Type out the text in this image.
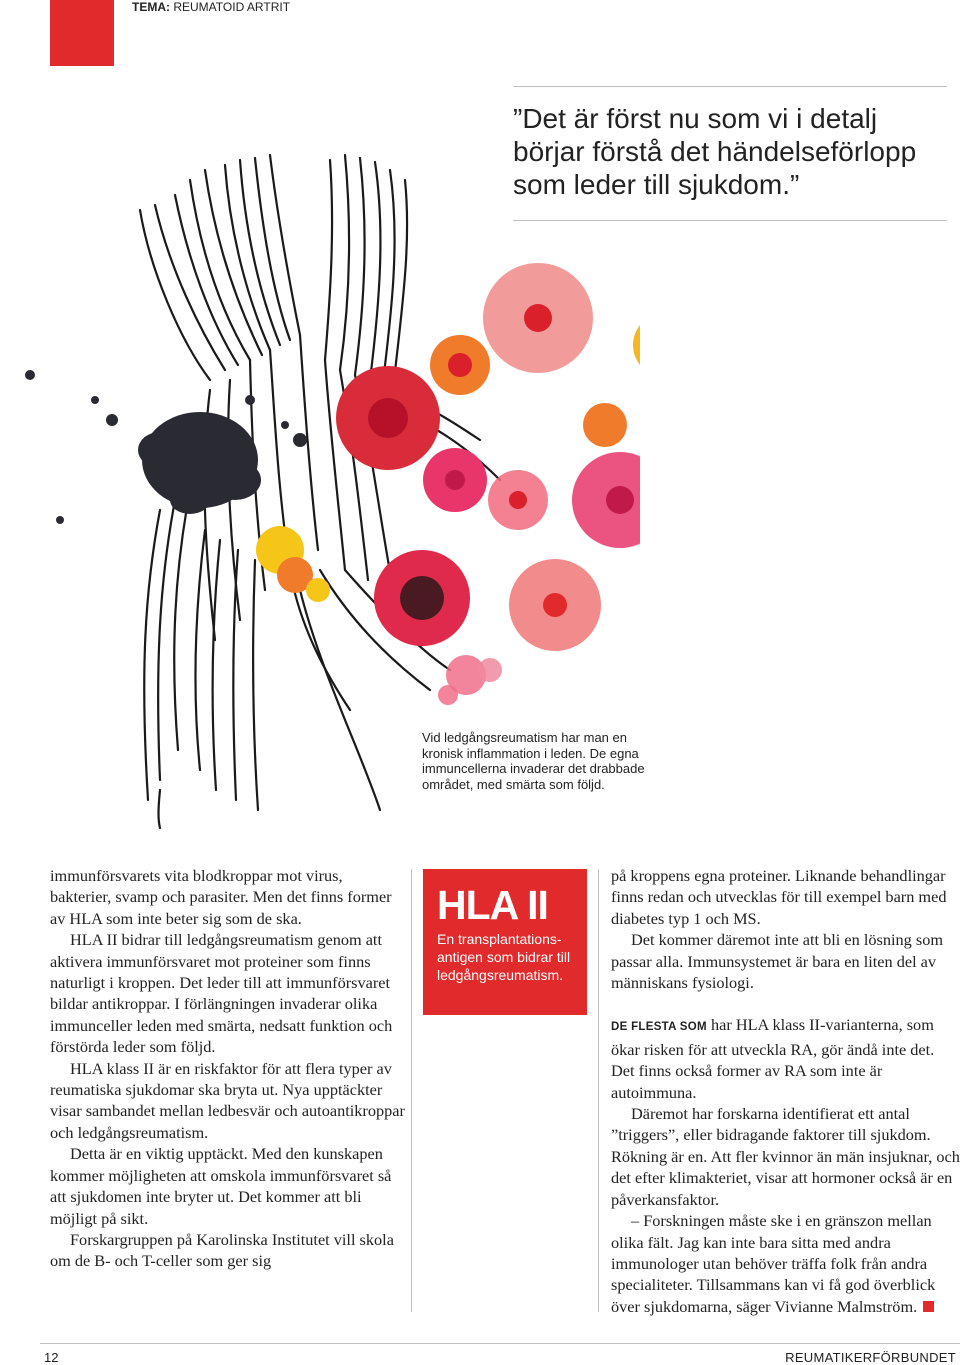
TEMA: REUMATOID ARTRIT
”Det är först nu som vi i detalj börjar förstå det händelseförlopp som leder till sjukdom.”
Vid ledgångsreumatism har man en kronisk inflammation i leden. De egna immuncellerna invaderar det drabbade området, med smärta som följd.

immunförsvarets vita blodkroppar mot virus, bakterier, svamp och parasiter. Men det finns former av HLA som inte beter sig som de ska.

HLA II bidrar till ledgångsreumatism genom att aktivera immunförsvaret mot proteiner som finns naturligt i kroppen. Det leder till att immunförsvaret bildar antikroppar. I förlängningen invaderar olika immunceller leden med smärta, nedsatt funktion och förstörda leder som följd.

HLA klass II är en riskfaktor för att flera typer av reumatiska sjukdomar ska bryta ut. Nya upptäckter visar sambandet mellan ledbesvär och autoantikroppar och ledgångsreumatism.

Detta är en viktig upptäckt. Med den kunskapen kommer möjligheten att omskola immunförsvaret så att sjukdomen inte bryter ut. Det kommer att bli möjligt på sikt.

Forskargruppen på Karolinska Institutet vill skola om de B- och T-celler som ger sig

HLA II
En transplantationsantigen som bidrar till ledgångsreumatism.

på kroppens egna proteiner. Liknande behandlingar finns redan och utvecklas för till exempel barn med diabetes typ 1 och MS.

Det kommer däremot inte att bli en lösning som passar alla. Immunsystemet är bara en liten del av människans fysiologi.

DE FLESTA SOM har HLA klass II-varianterna, som ökar risken för att utveckla RA, gör ändå inte det. Det finns också former av RA som inte är autoimmuna.

Däremot har forskarna identifierat ett antal ”triggers”, eller bidragande faktorer till sjukdom. Rökning är en. Att fler kvinnor än män insjuknar, och det efter klimakteriet, visar att hormoner också är en påverkansfaktor.

– Forskningen måste ske i en gränszon mellan olika fält. Jag kan inte bara sitta med andra immunologer utan behöver träffa folk från andra specialiteter. Tillsammans kan vi få god överblick över sjukdomarna, säger Vivianne Malmström.

12	REUMATIKERFÖRBUNDET
